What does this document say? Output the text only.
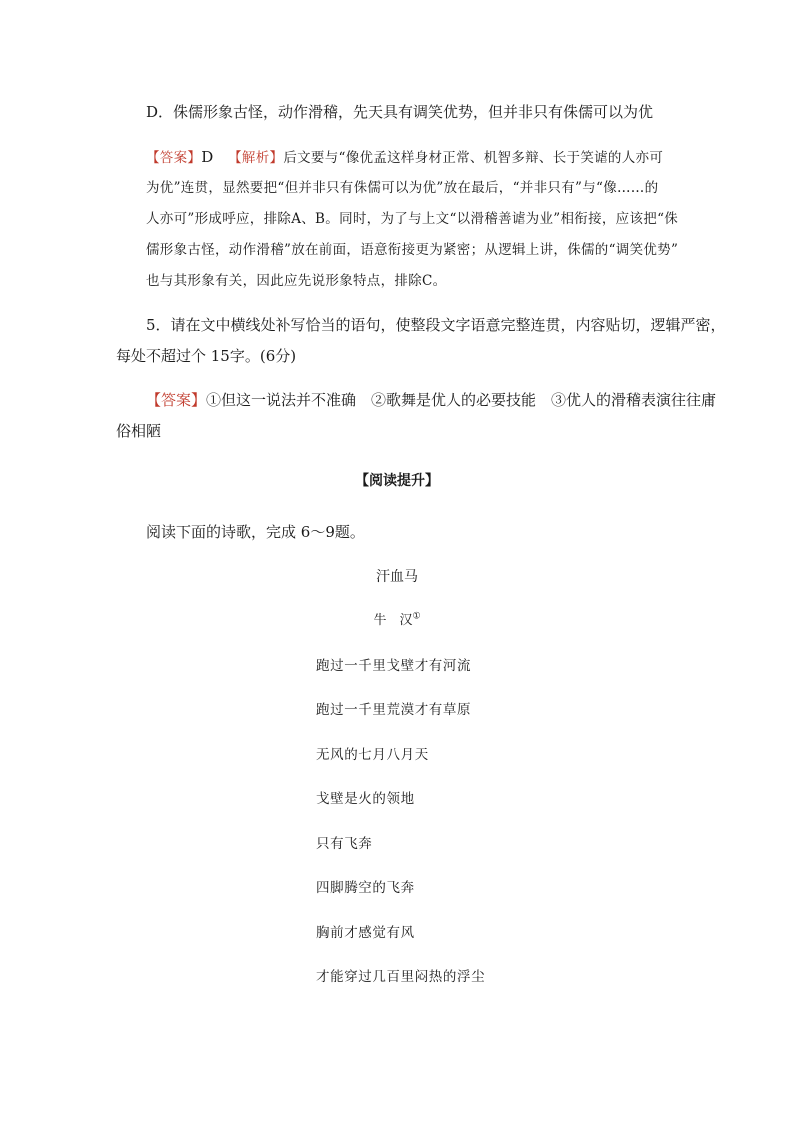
D．侏儒形象古怪，动作滑稽，先天具有调笑优势，但并非只有侏儒可以为优
【答案】D 【解析】后文要与“像优孟这样身材正常、机智多辩、长于笑谑的人亦可
为优”连贯，显然要把“但并非只有侏儒可以为优”放在最后，“并非只有”与“像……的
人亦可”形成呼应，排除A、B。同时，为了与上文“以滑稽善谑为业”相衔接，应该把“侏
儒形象古怪，动作滑稽”放在前面，语意衔接更为紧密；从逻辑上讲，侏儒的“调笑优势”
也与其形象有关，因此应先说形象特点，排除C。
5．请在文中横线处补写恰当的语句，使整段文字语意完整连贯，内容贴切，逻辑严密，
每处不超过个 15字。(6分)
【答案】①但这一说法并不准确　②歌舞是优人的必要技能　③优人的滑稽表演往往庸
俗相陋
【阅读提升】
阅读下面的诗歌，完成 6～9题。
汗血马
牛　汉①
跑过一千里戈壁才有河流
跑过一千里荒漠才有草原
无风的七月八月天
戈壁是火的领地
只有飞奔
四脚腾空的飞奔
胸前才感觉有风
才能穿过几百里闷热的浮尘
